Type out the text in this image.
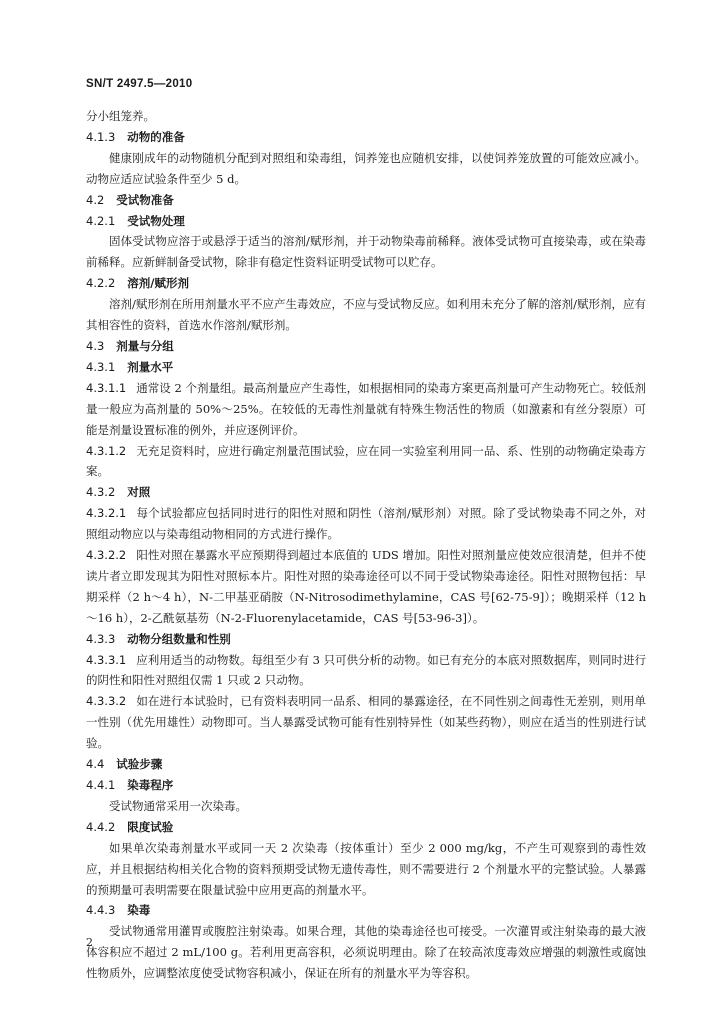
SN/T 2497.5—2010

分小组笼养。

4.1.3 动物的准备

健康刚成年的动物随机分配到对照组和染毒组，饲养笼也应随机安排，以使饲养笼放置的可能效应减小。动物应适应试验条件至少 5 d。

4.2 受试物准备

4.2.1 受试物处理

固体受试物应溶于或悬浮于适当的溶剂/赋形剂，并于动物染毒前稀释。液体受试物可直接染毒，或在染毒前稀释。应新鲜制备受试物，除非有稳定性资料证明受试物可以贮存。

4.2.2 溶剂/赋形剂

溶剂/赋形剂在所用剂量水平不应产生毒效应，不应与受试物反应。如利用未充分了解的溶剂/赋形剂，应有其相容性的资料，首选水作溶剂/赋形剂。

4.3 剂量与分组

4.3.1 剂量水平

4.3.1.1 通常设 2 个剂量组。最高剂量应产生毒性，如根据相同的染毒方案更高剂量可产生动物死亡。较低剂量一般应为高剂量的 50%～25%。在较低的无毒性剂量就有特殊生物活性的物质（如激素和有丝分裂原）可能是剂量设置标准的例外，并应逐例评价。

4.3.1.2 无充足资料时，应进行确定剂量范围试验，应在同一实验室利用同一品、系、性别的动物确定染毒方案。

4.3.2 对照

4.3.2.1 每个试验都应包括同时进行的阳性对照和阴性（溶剂/赋形剂）对照。除了受试物染毒不同之外，对照组动物应以与染毒组动物相同的方式进行操作。

4.3.2.2 阳性对照在暴露水平应预期得到超过本底值的 UDS 增加。阳性对照剂量应使效应很清楚，但并不使读片者立即发现其为阳性对照标本片。阳性对照的染毒途径可以不同于受试物染毒途径。阳性对照物包括：早期采样（2 h～4 h），N-二甲基亚硝胺（N-Nitrosodimethylamine，CAS 号[62-75-9]）；晚期采样（12 h～16 h），2-乙酰氨基芴（N-2-Fluorenylacetamide，CAS 号[53-96-3]）。

4.3.3 动物分组数量和性别

4.3.3.1 应利用适当的动物数。每组至少有 3 只可供分析的动物。如已有充分的本底对照数据库，则同时进行的阴性和阳性对照组仅需 1 只或 2 只动物。

4.3.3.2 如在进行本试验时，已有资料表明同一品系、相同的暴露途径，在不同性别之间毒性无差别，则用单一性别（优先用雄性）动物即可。当人暴露受试物可能有性别特异性（如某些药物），则应在适当的性别进行试验。

4.4 试验步骤

4.4.1 染毒程序

受试物通常采用一次染毒。

4.4.2 限度试验

如果单次染毒剂量水平或同一天 2 次染毒（按体重计）至少 2 000 mg/kg，不产生可观察到的毒性效应，并且根据结构相关化合物的资料预期受试物无遗传毒性，则不需要进行 2 个剂量水平的完整试验。人暴露的预期量可表明需要在限量试验中应用更高的剂量水平。

4.4.3 染毒

受试物通常用灌胃或腹腔注射染毒。如果合理，其他的染毒途径也可接受。一次灌胃或注射染毒的最大液体容积应不超过 2 mL/100 g。若利用更高容积，必须说明理由。除了在较高浓度毒效应增强的刺激性或腐蚀性物质外，应调整浓度使受试物容积减小，保证在所有的剂量水平为等容积。

2
